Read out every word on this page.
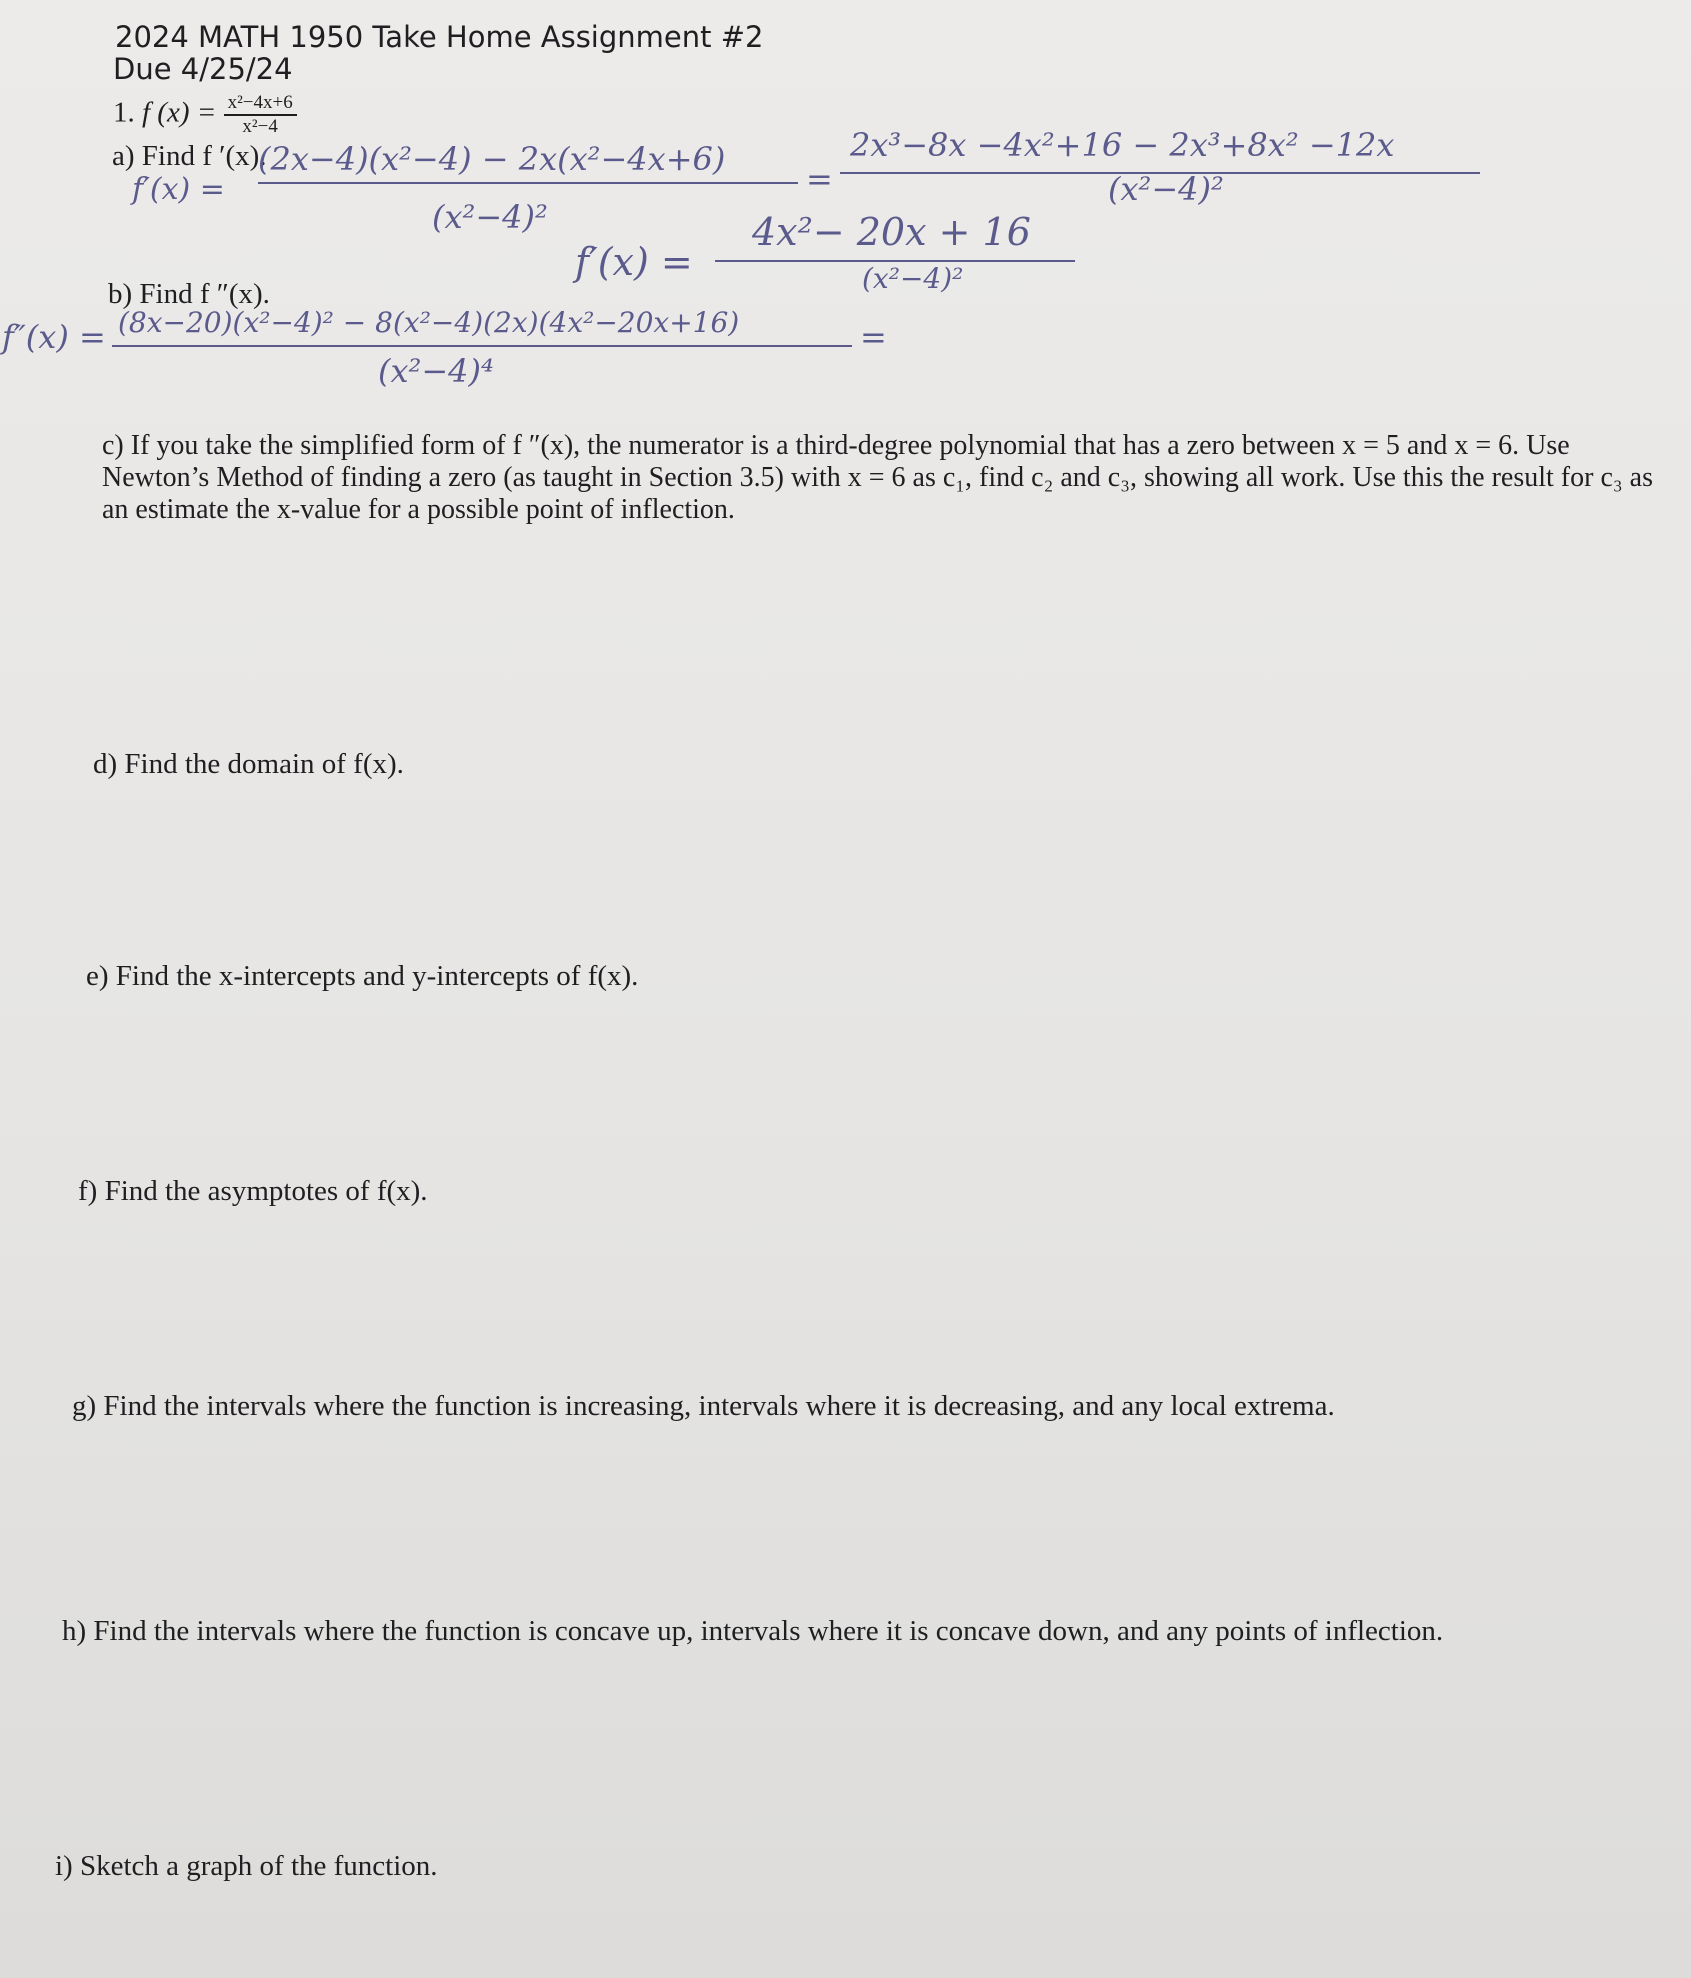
2024 MATH 1950 Take Home Assignment #2
Due 4/25/24
1. f $(x) = \frac{\text{x²−4x+6}}{\text{x²−4}}$
a) Find f ′(x).
f′(x) =
(2x−4)(x²−4) − 2x(x²−4x+6)
(x²−4)²
=
2x³−8x −4x²+16 − 2x³+8x² −12x
(x²−4)²
f′(x) =
4x²− 20x + 16
(x²−4)²
b) Find f ″(x).
f″(x) = (8x−20)(x²−4)² − 8(x²−4)(2x)(4x²−20x+16)
(x²−4)⁴
=
c) If you take the simplified form of f ″(x), the numerator is a third-degree polynomial that has a zero between x = 5 and x = 6. Use Newton’s Method of finding a zero (as taught in Section 3.5) with x = 6 as c₁, find c₂ and c₃, showing all work. Use this the result for c₃ as an estimate the x-value for a possible point of inflection.
d) Find the domain of f(x).
e) Find the x-intercepts and y-intercepts of f(x).
f) Find the asymptotes of f(x).
g) Find the intervals where the function is increasing, intervals where it is decreasing, and any local extrema.
h) Find the intervals where the function is concave up, intervals where it is concave down, and any points of inflection.
i) Sketch a graph of the function.
